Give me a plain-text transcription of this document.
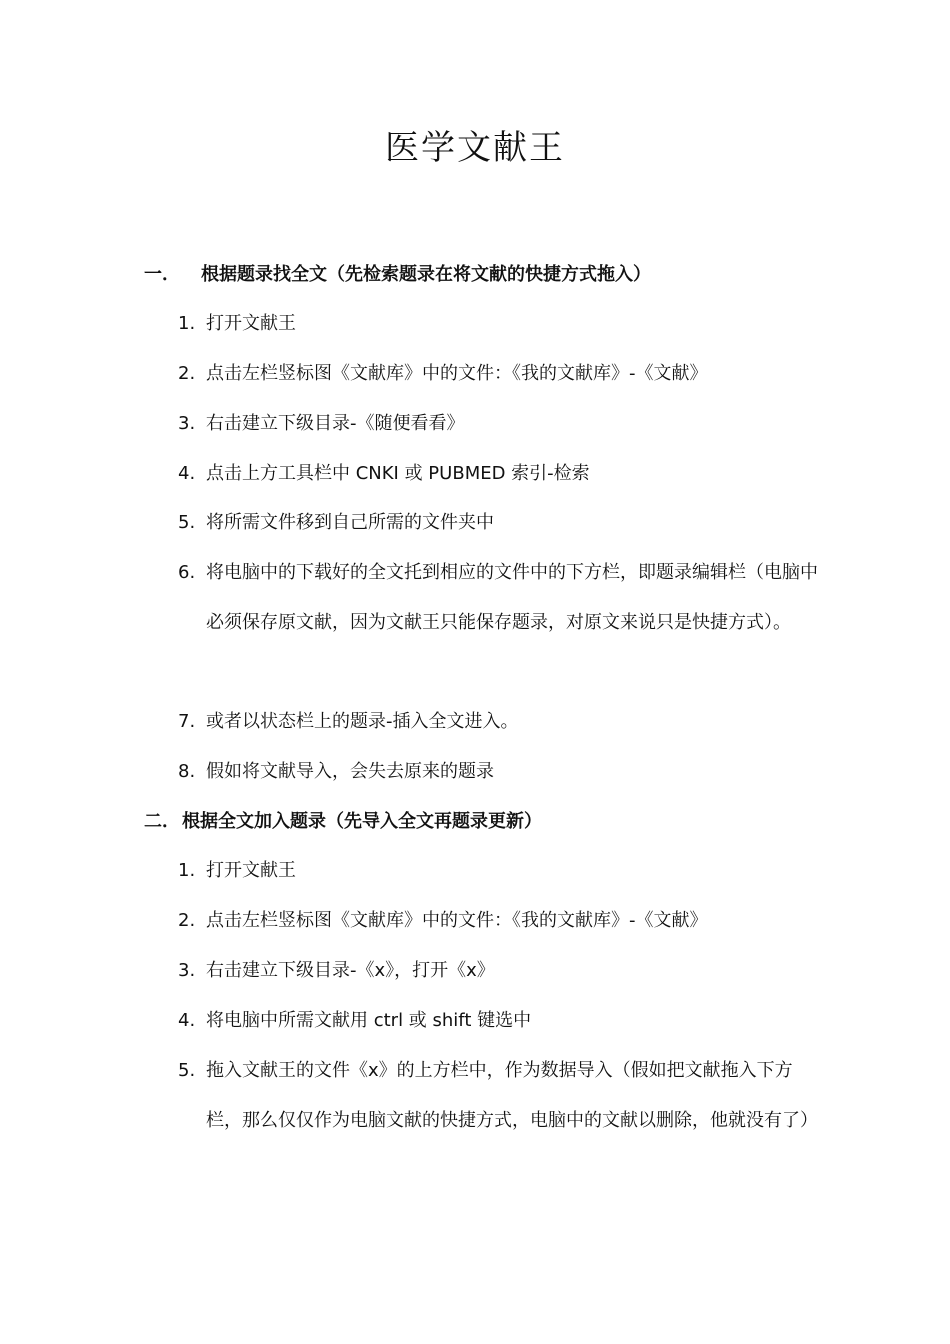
医学文献王
一． 根据题录找全文（先检索题录在将文献的快捷方式拖入）
1. 打开文献王
2. 点击左栏竖标图《文献库》中的文件：《我的文献库》-《文献》
3. 右击建立下级目录-《随便看看》
4. 点击上方工具栏中 CNKI 或 PUBMED 索引-检索
5. 将所需文件移到自己所需的文件夹中
6. 将电脑中的下载好的全文托到相应的文件中的下方栏，即题录编辑栏（电脑中必须保存原文献，因为文献王只能保存题录，对原文来说只是快捷方式）。
7. 或者以状态栏上的题录-插入全文进入。
8. 假如将文献导入，会失去原来的题录
二． 根据全文加入题录（先导入全文再题录更新）
1. 打开文献王
2. 点击左栏竖标图《文献库》中的文件：《我的文献库》-《文献》
3. 右击建立下级目录-《x》，打开《x》
4. 将电脑中所需文献用 ctrl 或 shift 键选中
5. 拖入文献王的文件《x》的上方栏中，作为数据导入（假如把文献拖入下方栏，那么仅仅作为电脑文献的快捷方式，电脑中的文献以删除，他就没有了）
